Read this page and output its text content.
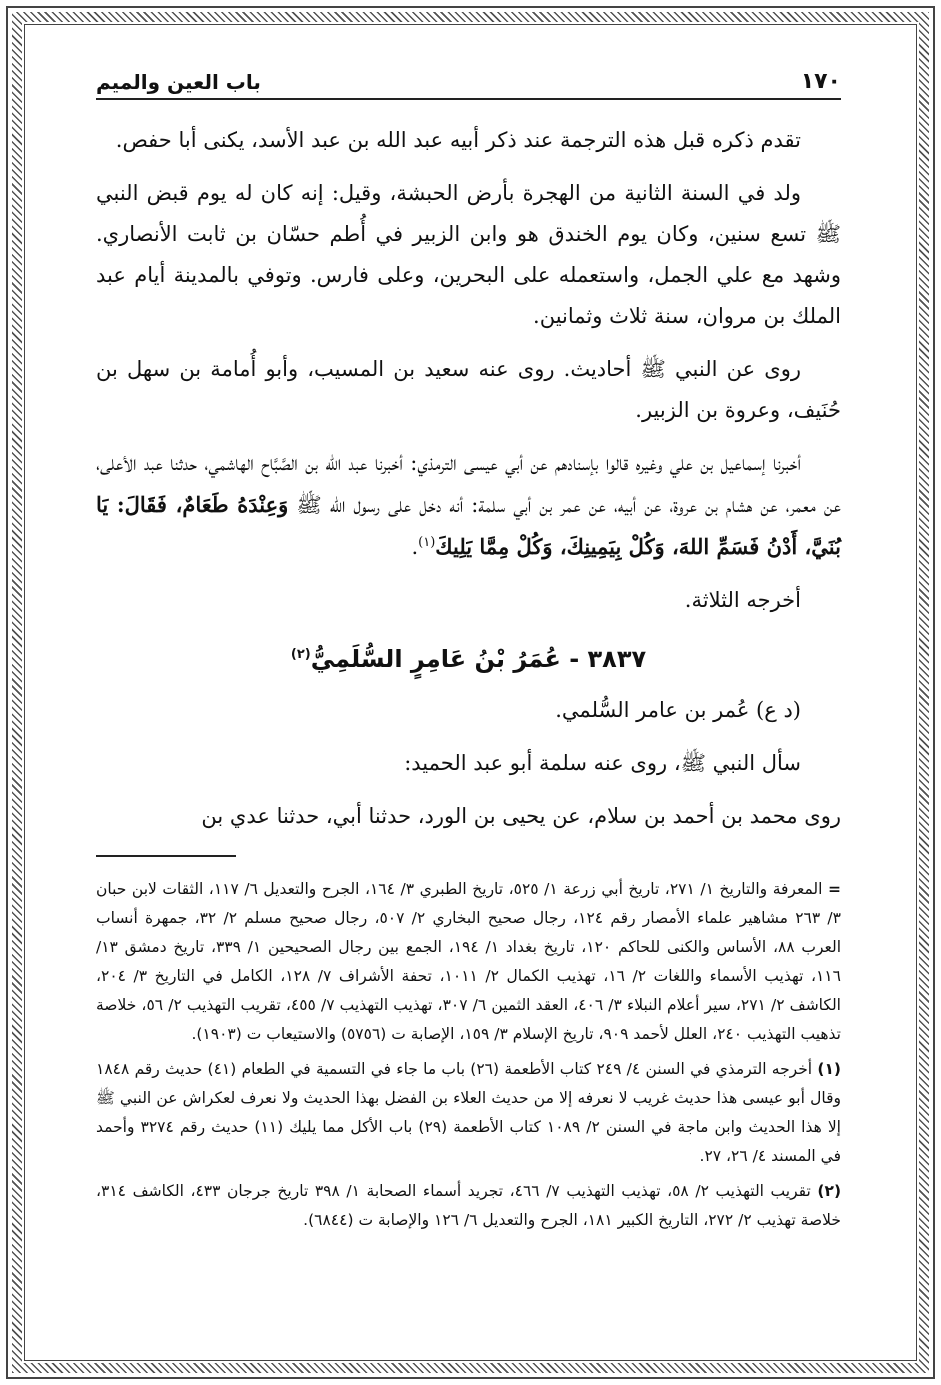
١٧٠
باب العين والميم

تقدم ذكره قبل هذه الترجمة عند ذكر أبيه عبد الله بن عبد الأسد، يكنى أبا حفص.

ولد في السنة الثانية من الهجرة بأرض الحبشة، وقيل: إنه كان له يوم قبض النبي ﷺ تسع سنين، وكان يوم الخندق هو وابن الزبير في أُطم حسّان بن ثابت الأنصاري. وشهد مع علي الجمل، واستعمله على البحرين، وعلى فارس. وتوفي بالمدينة أيام عبد الملك بن مروان، سنة ثلاث وثمانين.

روى عن النبي ﷺ أحاديث. روى عنه سعيد بن المسيب، وأبو أُمامة بن سهل بن حُنَيف، وعروة بن الزبير.

أخبرنا إسماعيل بن علي وغيره قالوا بإسنادهم عن أبي عيسى الترمذي: أخبرنا عبد الله بن الصَّبَّاح الهاشمي، حدثنا عبد الأعلى، عن معمر، عن هشام بن عروة، عن أبيه، عن عمر بن أبي سلمة: أنه دخل على رسول الله ﷺ وَعِنْدَهُ طَعَامٌ، فَقَالَ: يَا بُنَيَّ، أَدْنُ فَسَمِّ اللهَ، وَكُلْ بِيَمِينِكَ، وَكُلْ مِمَّا يَلِيكَ$^{(١)}$.

أخرجه الثلاثة.

٣٨٣٧ - عُمَرُ بْنُ عَامِرٍ السُّلَمِيُّ$^{(٢)}$

(د ع) عُمر بن عامر السُّلمي.

سأل النبي ﷺ، روى عنه سلمة أبو عبد الحميد:

روى محمد بن أحمد بن سلام، عن يحيى بن الورد، حدثنا أبي، حدثنا عدي بن

= المعرفة والتاريخ ١/ ٢٧١، تاريخ أبي زرعة ١/ ٥٢٥، تاريخ الطبري ٣/ ١٦٤، الجرح والتعديل ٦/ ١١٧، الثقات لابن حبان ٣/ ٢٦٣ مشاهير علماء الأمصار رقم ١٢٤، رجال صحيح البخاري ٢/ ٥٠٧، رجال صحيح مسلم ٢/ ٣٢، جمهرة أنساب العرب ٨٨، الأساس والكنى للحاكم ١٢٠، تاريخ بغداد ١/ ١٩٤، الجمع بين رجال الصحيحين ١/ ٣٣٩، تاريخ دمشق ١٣/ ١١٦، تهذيب الأسماء واللغات ٢/ ١٦، تهذيب الكمال ٢/ ١٠١١، تحفة الأشراف ٧/ ١٢٨، الكامل في التاريخ ٣/ ٢٠٤، الكاشف ٢/ ٢٧١، سير أعلام النبلاء ٣/ ٤٠٦، العقد الثمين ٦/ ٣٠٧، تهذيب التهذيب ٧/ ٤٥٥، تقريب التهذيب ٢/ ٥٦، خلاصة تذهيب التهذيب ٢٤٠، العلل لأحمد ٩٠٩، تاريخ الإسلام ٣/ ١٥٩، الإصابة ت (٥٧٥٦) والاستيعاب ت (١٩٠٣).

(١) أخرجه الترمذي في السنن ٤/ ٢٤٩ كتاب الأطعمة (٢٦) باب ما جاء في التسمية في الطعام (٤١) حديث رقم ١٨٤٨ وقال أبو عيسى هذا حديث غريب لا نعرفه إلا من حديث العلاء بن الفضل بهذا الحديث ولا نعرف لعكراش عن النبي ﷺ إلا هذا الحديث وابن ماجة في السنن ٢/ ١٠٨٩ كتاب الأطعمة (٢٩) باب الأكل مما يليك (١١) حديث رقم ٣٢٧٤ وأحمد في المسند ٤/ ٢٦، ٢٧.

(٢) تقريب التهذيب ٢/ ٥٨، تهذيب التهذيب ٧/ ٤٦٦، تجريد أسماء الصحابة ١/ ٣٩٨ تاريخ جرجان ٤٣٣، الكاشف ٣١٤، خلاصة تهذيب ٢/ ٢٧٢، التاريخ الكبير ١٨١، الجرح والتعديل ٦/ ١٢٦ والإصابة ت (٦٨٤٤).
